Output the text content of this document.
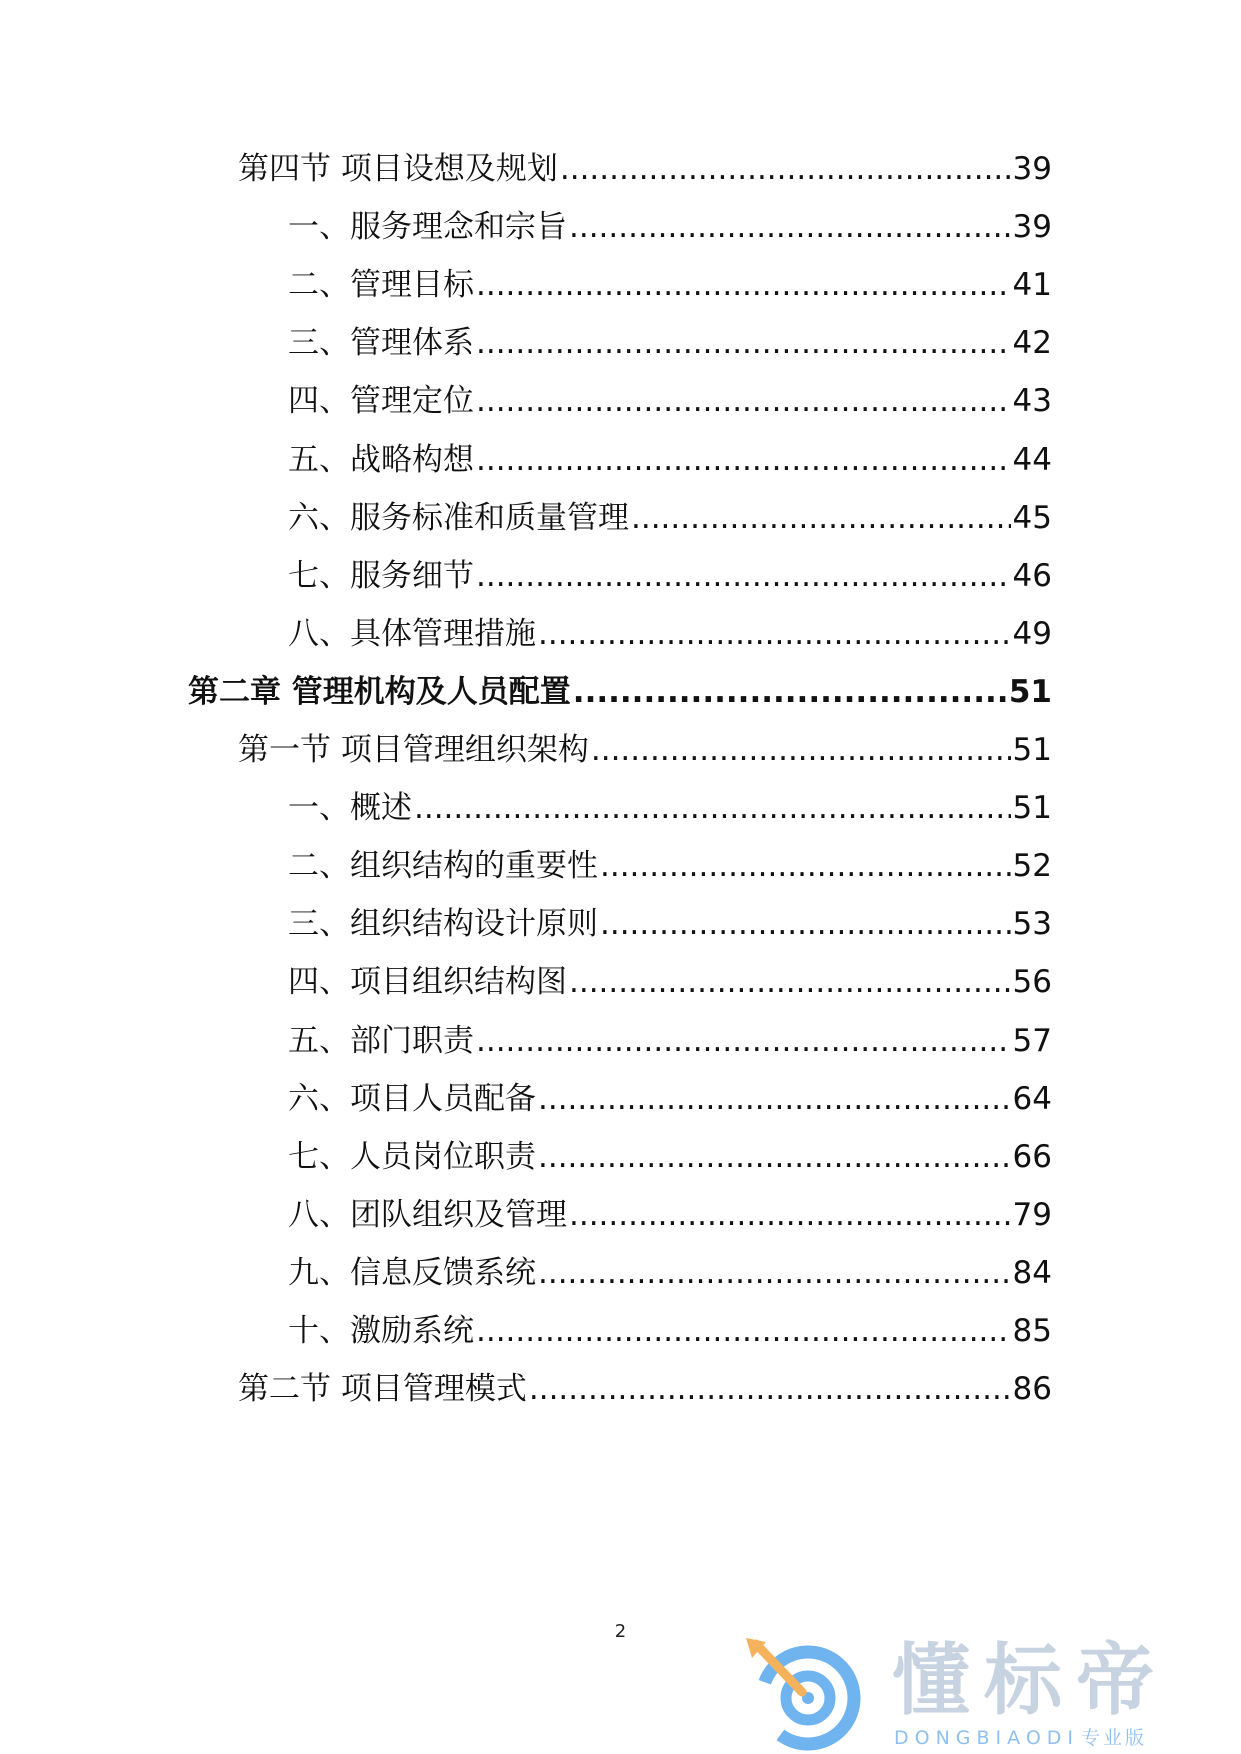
第四节 项目设想及规划 .....	39
一、服务理念和宗旨 .....	39
二、管理目标 .....	41
三、管理体系 .....	42
四、管理定位 .....	43
五、战略构想 .....	44
六、服务标准和质量管理 .....	45
七、服务细节 .....	46
八、具体管理措施 .....	49
第二章 管理机构及人员配置 .....	51
第一节 项目管理组织架构 .....	51
一、概述 .....	51
二、组织结构的重要性 .....	52
三、组织结构设计原则 .....	53
四、项目组织结构图 .....	56
五、部门职责 .....	57
六、项目人员配备 .....	64
七、人员岗位职责 .....	66
八、团队组织及管理 .....	79
九、信息反馈系统 .....	84
十、激励系统 .....	85
第二节 项目管理模式 .....	86
2
懂标帝
DONGBIAODI 专业版
